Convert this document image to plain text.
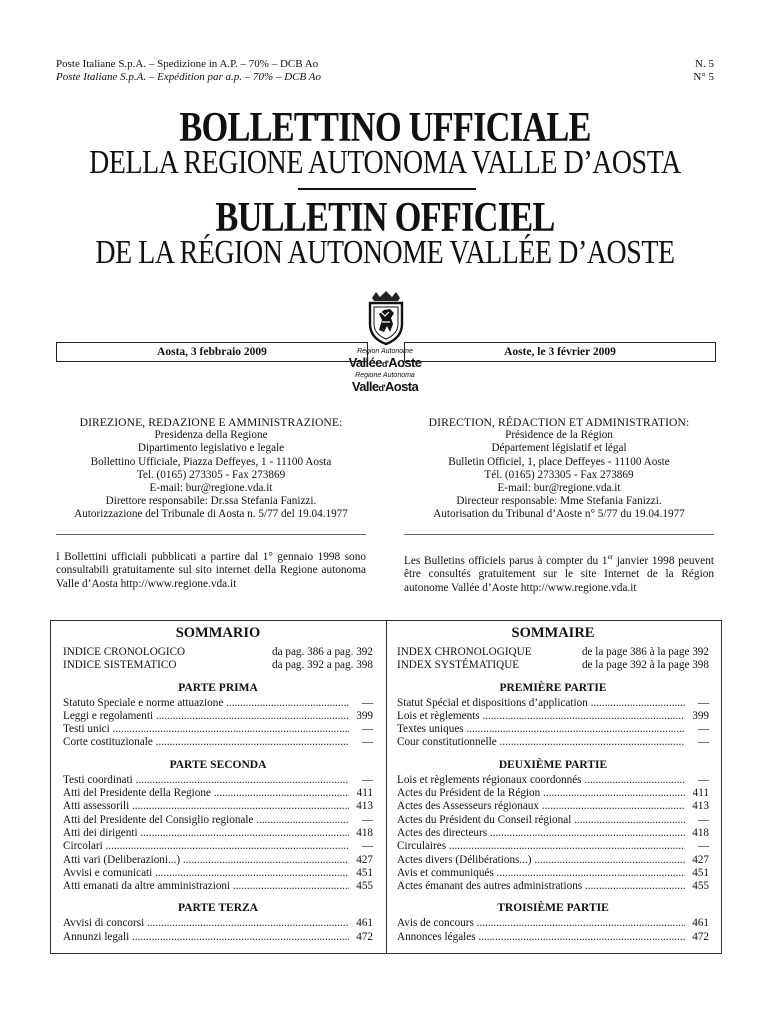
Poste Italiane S.p.A. – Spedizione in A.P. – 70% – DCB Ao
Poste Italiane S.p.A. – Expédition par a.p. – 70% – DCB Ao
N. 5
N° 5
BOLLETTINO UFFICIALE
DELLA REGIONE AUTONOMA VALLE D’AOSTA
BULLETIN OFFICIEL
DE LA RÉGION AUTONOME VALLÉE D’AOSTE
Région Autonome
Valléed'Aoste
Regione Autonoma
Valled'Aosta
Aosta, 3 febbraio 2009	Aoste, le 3 février 2009
DIREZIONE, REDAZIONE E AMMINISTRAZIONE:
Presidenza della Regione
Dipartimento legislativo e legale
Bollettino Ufficiale, Piazza Deffeyes, 1 - 11100 Aosta
Tel. (0165) 273305 - Fax 273869
E-mail: bur@regione.vda.it
Direttore responsabile: Dr.ssa Stefania Fanizzi.
Autorizzazione del Tribunale di Aosta n. 5/77 del 19.04.1977
DIRECTION, RÉDACTION ET ADMINISTRATION:
Présidence de la Région
Département législatif et légal
Bulletin Officiel, 1, place Deffeyes - 11100 Aoste
Tél. (0165) 273305 - Fax 273869
E-mail: bur@regione.vda.it
Directeur responsable: Mme Stefania Fanizzi.
Autorisation du Tribunal d’Aoste n° 5/77 du 19.04.1977
I Bollettini ufficiali pubblicati a partire dal 1° gennaio 1998 sono consultabili gratuitamente sul sito internet della Regione autonoma Valle d’Aosta http://www.regione.vda.it
Les Bulletins officiels parus à compter du 1er janvier 1998 peuvent être consultés gratuitement sur le site Internet de la Région autonome Vallée d’Aoste http://www.regione.vda.it
SOMMARIO
INDICE CRONOLOGICO	da pag. 386 a pag. 392
INDICE SISTEMATICO	da pag. 392 a pag. 398
PARTE PRIMA
Statuto Speciale e norme attuazione .....	—
Leggi e regolamenti .....	399
Testi unici .....	—
Corte costituzionale .....	—
PARTE SECONDA
Testi coordinati .....	—
Atti del Presidente della Regione .....	411
Atti assessorili .....	413
Atti del Presidente del Consiglio regionale .....	—
Atti dei dirigenti .....	418
Circolari .....	—
Atti vari (Deliberazioni...) .....	427
Avvisi e comunicati .....	451
Atti emanati da altre amministrazioni .....	455
PARTE TERZA
Avvisi di concorsi .....	461
Annunzi legali .....	472
SOMMAIRE
INDEX CHRONOLOGIQUE	de la page 386 à la page 392
INDEX SYSTÉMATIQUE	de la page 392 à la page 398
PREMIÈRE PARTIE
Statut Spécial et dispositions d’application .....	—
Lois et règlements .....	399
Textes uniques .....	—
Cour constitutionnelle .....	—
DEUXIÈME PARTIE
Lois et règlements régionaux coordonnés .....	—
Actes du Président de la Région .....	411
Actes des Assesseurs régionaux .....	413
Actes du Président du Conseil régional .....	—
Actes des directeurs .....	418
Circulaires .....	—
Actes divers (Délibérations...) .....	427
Avis et communiqués .....	451
Actes émanant des autres administrations .....	455
TROISIÈME PARTIE
Avis de concours .....	461
Annonces légales .....	472
